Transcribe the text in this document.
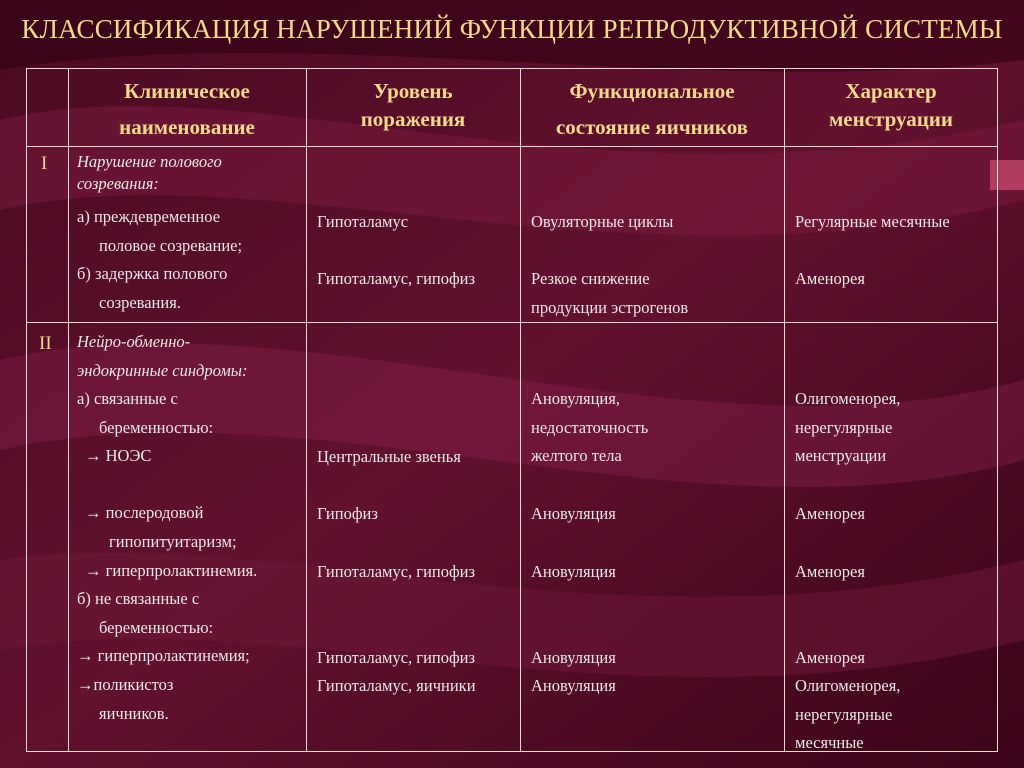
КЛАССИФИКАЦИЯ НАРУШЕНИЙ ФУНКЦИИ РЕПРОДУКТИВНОЙ СИСТЕМЫ
Клиническое
наименование
Уровень
поражения
Функциональное
состояние яичников
Характер
менструации
I Нарушение полового
созревания:
а) преждевременное
половое созревание;
б) задержка полового
созревания.
Гипоталамус
Гипоталамус, гипофиз
Овуляторные циклы
Резкое снижение
продукции эстрогенов
Регулярные месячные
Аменорея
II Нейро-обменно-
эндокринные синдромы:
а) связанные с
беременностью:
→ НОЭС
→ послеродовой
гипопитуитаризм;
→ гиперпролактинемия.
б) не связанные с
беременностью:
→ гиперпролактинемия;
→поликистоз
яичников.
Центральные звенья
Гипофиз
Гипоталамус, гипофиз
Гипоталамус, гипофиз
Гипоталамус, яичники
Ановуляция,
недостаточность
желтого тела
Ановуляция
Ановуляция
Ановуляция
Ановуляция
Олигоменорея,
нерегулярные
менструации
Аменорея
Аменорея
Аменорея
Олигоменорея,
нерегулярные
месячные
